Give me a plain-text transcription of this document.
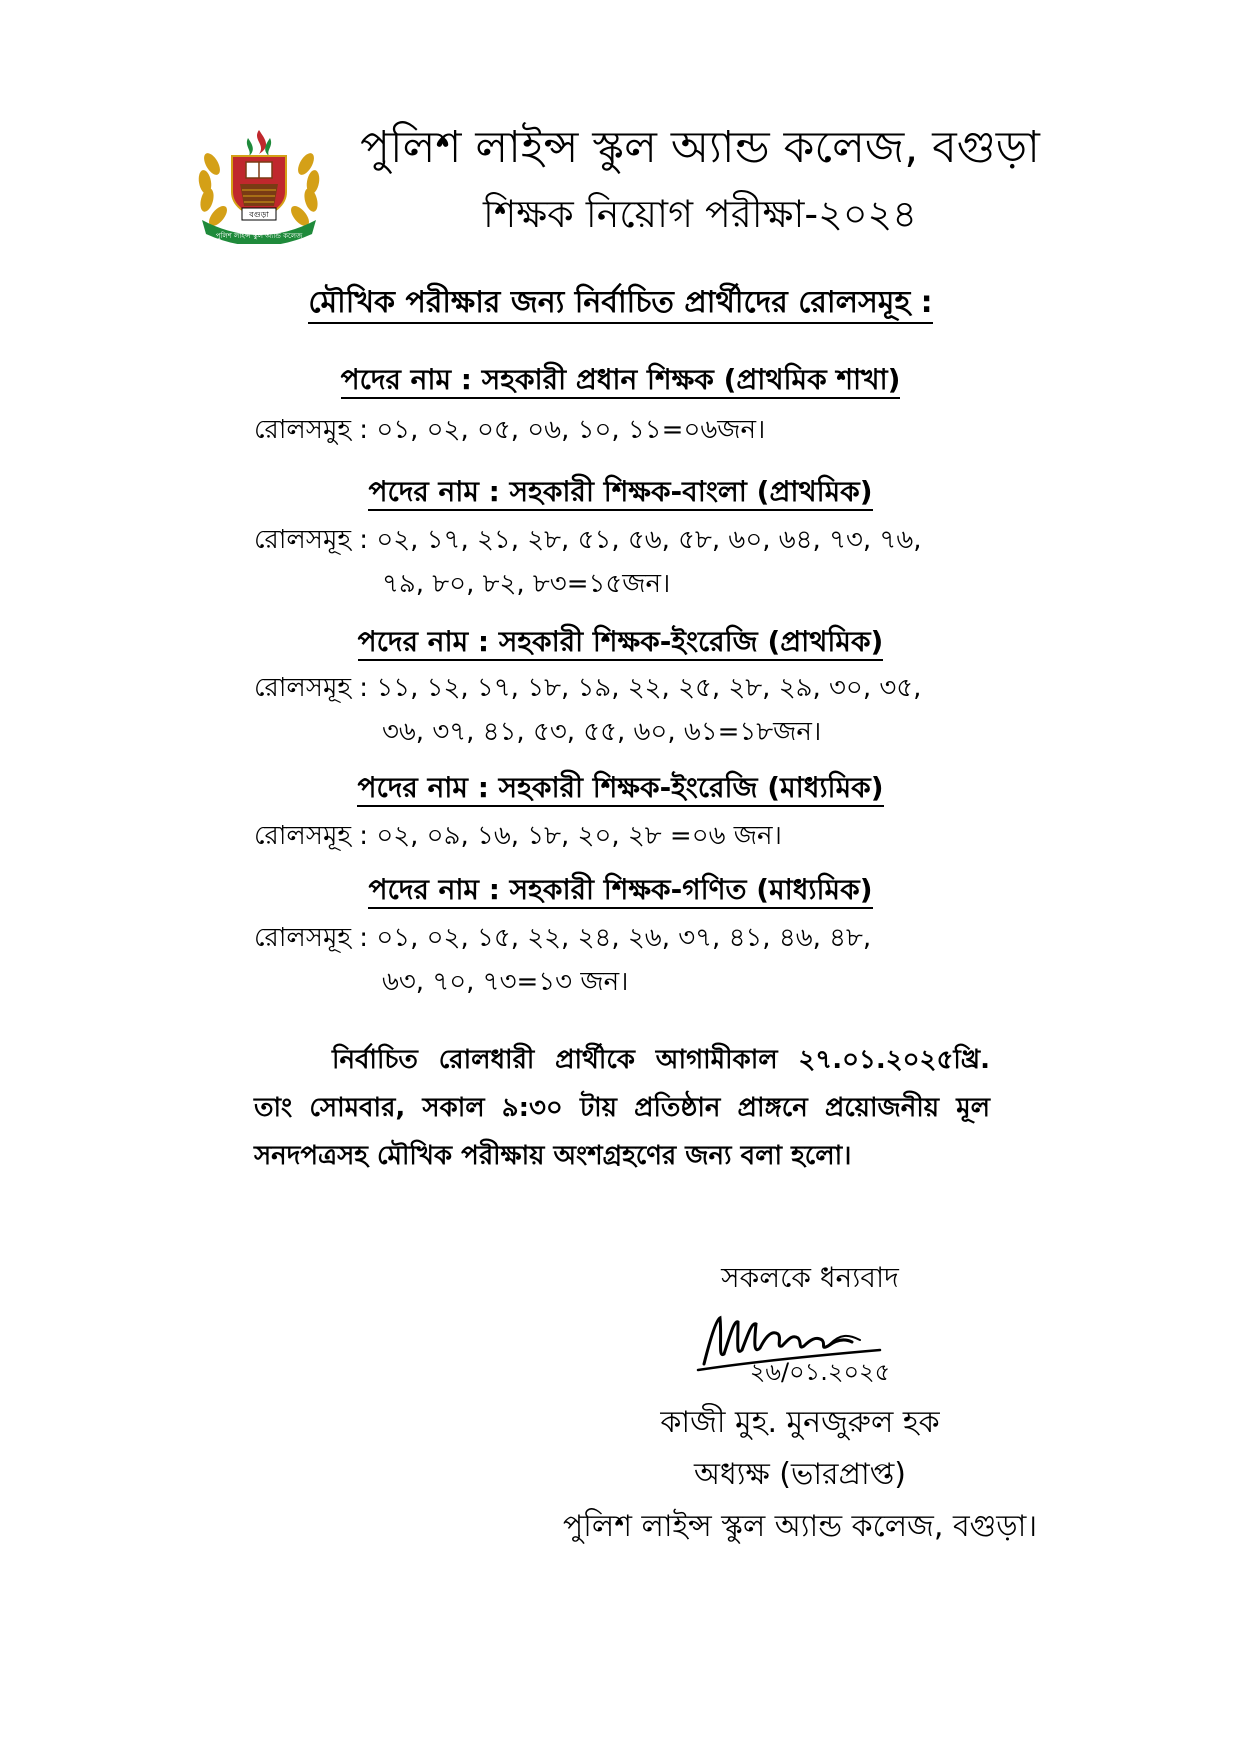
বগুড়া
পুলিশ লাইন্স স্কুল অ্যান্ড কলেজ
পুলিশ লাইন্স স্কুল অ্যান্ড কলেজ, বগুড়া
শিক্ষক নিয়োগ পরীক্ষা-২০২৪
মৌখিক পরীক্ষার জন্য নির্বাচিত প্রার্থীদের রোলসমূহ :
পদের নাম : সহকারী প্রধান শিক্ষক (প্রাথমিক শাখা)
রোলসমুহ : ০১, ০২, ০৫, ০৬, ১০, ১১=০৬জন।
পদের নাম : সহকারী শিক্ষক-বাংলা (প্রাথমিক)
রোলসমূহ : ০২, ১৭, ২১, ২৮, ৫১, ৫৬, ৫৮, ৬০, ৬৪, ৭৩, ৭৬,
৭৯, ৮০, ৮২, ৮৩=১৫জন।
পদের নাম : সহকারী শিক্ষক-ইংরেজি (প্রাথমিক)
রোলসমূহ : ১১, ১২, ১৭, ১৮, ১৯, ২২, ২৫, ২৮, ২৯, ৩০, ৩৫,
৩৬, ৩৭, ৪১, ৫৩, ৫৫, ৬০, ৬১=১৮জন।
পদের নাম : সহকারী শিক্ষক-ইংরেজি (মাধ্যমিক)
রোলসমূহ : ০২, ০৯, ১৬, ১৮, ২০, ২৮ =০৬ জন।
পদের নাম : সহকারী শিক্ষক-গণিত (মাধ্যমিক)
রোলসমূহ : ০১, ০২, ১৫, ২২, ২৪, ২৬, ৩৭, ৪১, ৪৬, ৪৮,
৬৩, ৭০, ৭৩=১৩ জন।

নির্বাচিত রোলধারী প্রার্থীকে আগামীকাল ২৭.০১.২০২৫খ্রি. তাং সোমবার, সকাল ৯:৩০ টায় প্রতিষ্ঠান প্রাঙ্গনে প্রয়োজনীয় মূল সনদপত্রসহ মৌখিক পরীক্ষায় অংশগ্রহণের জন্য বলা হলো।

সকলকে ধন্যবাদ
২৬/০১.২০২৫
কাজী মুহ. মুনজুরুল হক
অধ্যক্ষ (ভারপ্রাপ্ত)
পুলিশ লাইন্স স্কুল অ্যান্ড কলেজ, বগুড়া।
